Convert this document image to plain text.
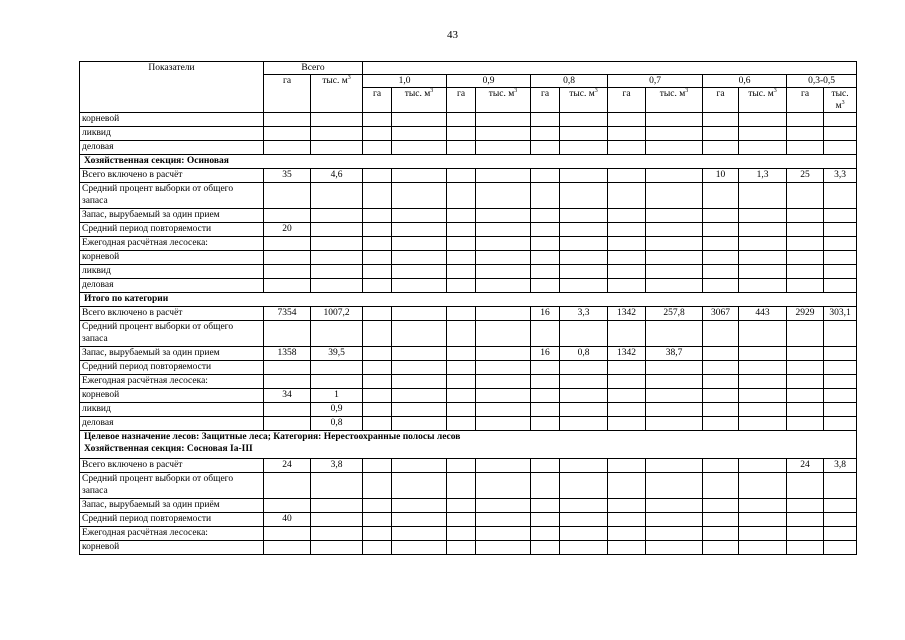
43
Показатели	Всего													
	га	тыс. $м^3$	1,0		0,9		0,8		0,7		0,6		0,3-0,5	
			га	тыс. $м^3$	га	тыс. $м^3$	га	тыс. $м^3$	га	тыс. $м^3$	га	тыс. $м^3$	га	тыс. $м^3$
корневой														
ликвид														
деловая														
Хозяйственная секция: Осиновая														
Всего включено в расчёт	35	4,6									10	1,3	25	3,3
Средний процент выборки от общего запаса														
Запас, вырубаемый за один прием														
Средний период повторяемости	20													
Ежегодная расчётная лесосека:														
корневой														
ликвид														
деловая														
Итого по категории														
Всего включено в расчёт	7354	1007,2					16	3,3	1342	257,8	3067	443	2929	303,1
Средний процент выборки от общего запаса														
Запас, вырубаемый за один прием	1358	39,5					16	0,8	1342	38,7				
Средний период повторяемости														
Ежегодная расчётная лесосека:														
корневой	34	1												
ликвид		0,9												
деловая		0,8												

Целевое назначение лесов: Защитные леса; Категория: Нерестоохранные полосы лесов
Хозяйственная секция: Сосновая Iа-III														

Всего включено в расчёт	24	3,8											24	3,8
Средний процент выборки от общего запаса														
Запас, вырубаемый за один приём														
Средний период повторяемости	40													
Ежегодная расчётная лесосека:														
корневой														
